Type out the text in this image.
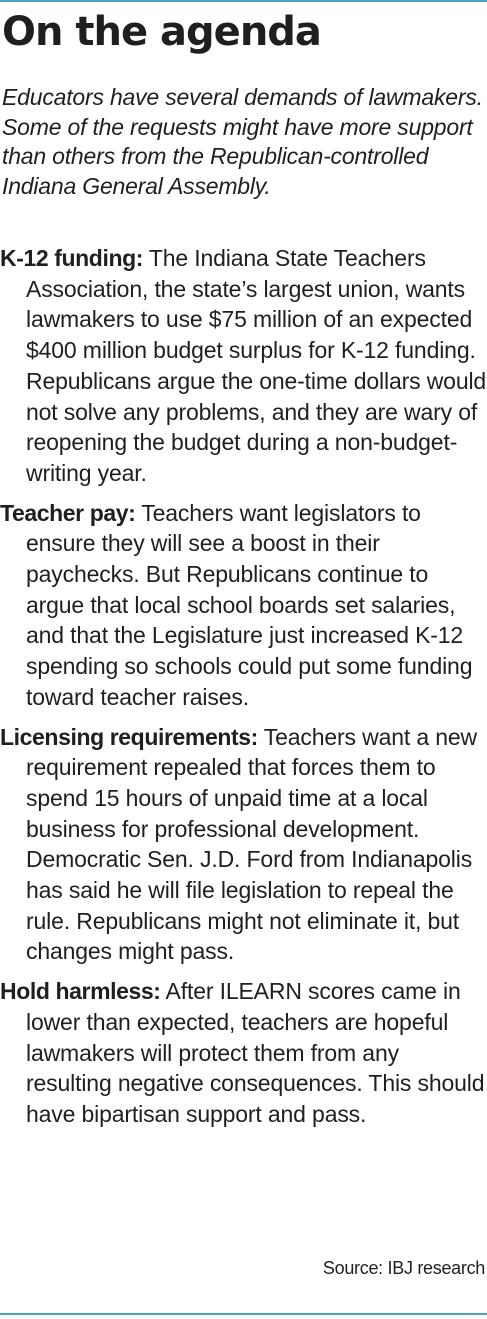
On the agenda

Educators have several demands of lawmakers. Some of the requests might have more support than others from the Republican-controlled Indiana General Assembly.

K-12 funding: The Indiana State Teachers Association, the state’s largest union, wants lawmakers to use $75 million of an expected $400 million budget surplus for K-12 funding. Republicans argue the one-time dollars would not solve any problems, and they are wary of reopening the budget during a non-budget-writing year.

Teacher pay: Teachers want legislators to ensure they will see a boost in their paychecks. But Republicans continue to argue that local school boards set salaries, and that the Legislature just increased K-12 spending so schools could put some funding toward teacher raises.

Licensing requirements: Teachers want a new requirement repealed that forces them to spend 15 hours of unpaid time at a local business for professional development. Democratic Sen. J.D. Ford from Indianapolis has said he will file legislation to repeal the rule. Republicans might not eliminate it, but changes might pass.

Hold harmless: After ILEARN scores came in lower than expected, teachers are hopeful lawmakers will protect them from any resulting negative consequences. This should have bipartisan support and pass.

Source: IBJ research
